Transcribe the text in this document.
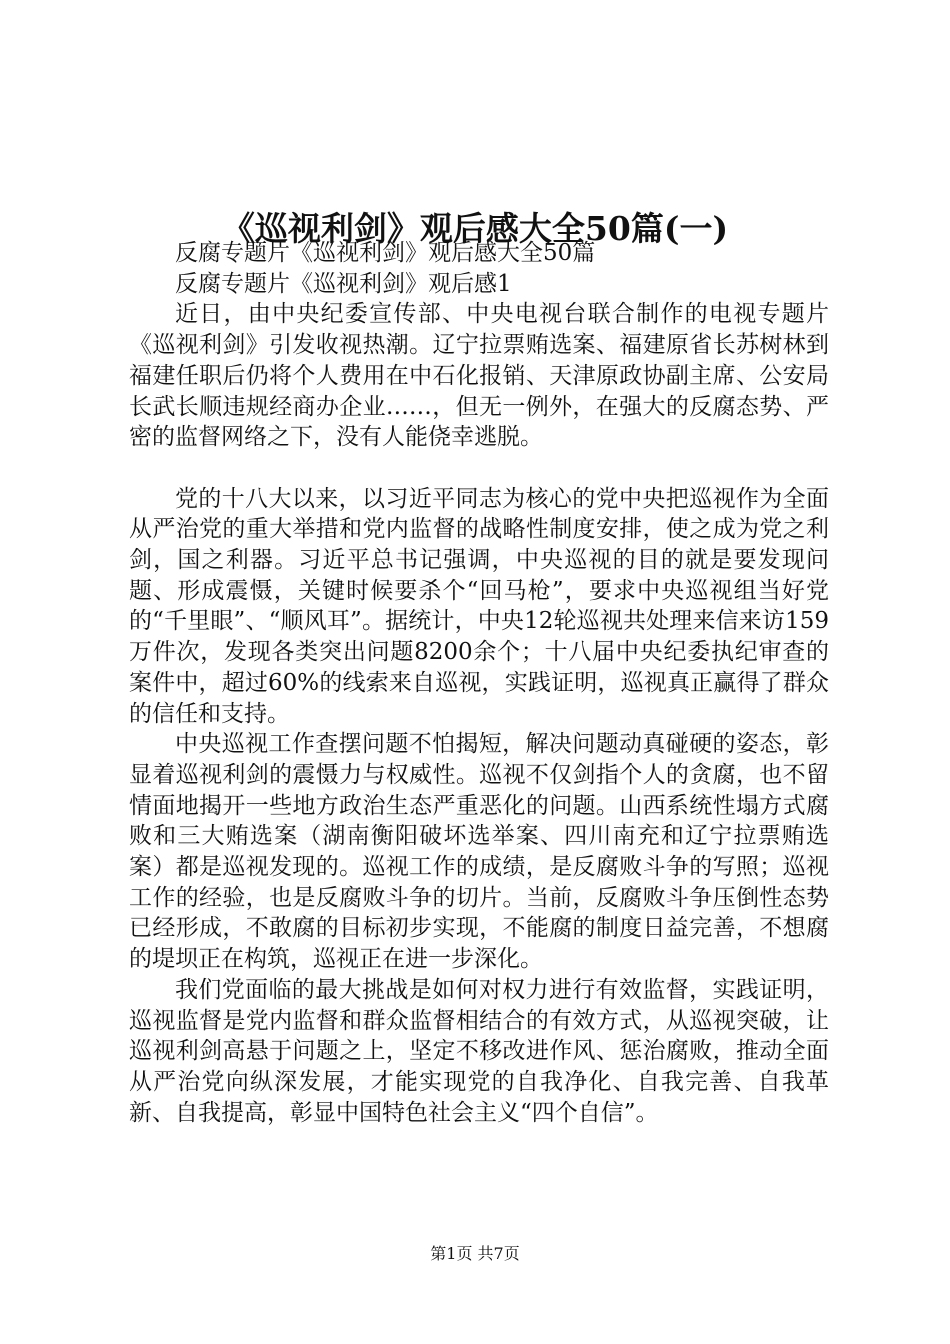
《巡视利剑》观后感大全50篇(一)

反腐专题片《巡视利剑》观后感大全50篇

反腐专题片《巡视利剑》观后感1

近日，由中央纪委宣传部、中央电视台联合制作的电视专题片《巡视利剑》引发收视热潮。辽宁拉票贿选案、福建原省长苏树林到福建任职后仍将个人费用在中石化报销、天津原政协副主席、公安局长武长顺违规经商办企业……，但无一例外，在强大的反腐态势、严密的监督网络之下，没有人能侥幸逃脱。

党的十八大以来，以习近平同志为核心的党中央把巡视作为全面从严治党的重大举措和党内监督的战略性制度安排，使之成为党之利剑，国之利器。习近平总书记强调，中央巡视的目的就是要发现问题、形成震慑，关键时候要杀个“回马枪”，要求中央巡视组当好党的“千里眼”、“顺风耳”。据统计，中央12轮巡视共处理来信来访159万件次，发现各类突出问题8200余个；十八届中央纪委执纪审查的案件中，超过60%的线索来自巡视，实践证明，巡视真正赢得了群众的信任和支持。

中央巡视工作查摆问题不怕揭短，解决问题动真碰硬的姿态，彰显着巡视利剑的震慑力与权威性。巡视不仅剑指个人的贪腐，也不留情面地揭开一些地方政治生态严重恶化的问题。山西系统性塌方式腐败和三大贿选案（湖南衡阳破坏选举案、四川南充和辽宁拉票贿选案）都是巡视发现的。巡视工作的成绩，是反腐败斗争的写照；巡视工作的经验，也是反腐败斗争的切片。当前，反腐败斗争压倒性态势已经形成，不敢腐的目标初步实现，不能腐的制度日益完善，不想腐的堤坝正在构筑，巡视正在进一步深化。

我们党面临的最大挑战是如何对权力进行有效监督，实践证明，巡视监督是党内监督和群众监督相结合的有效方式，从巡视突破，让巡视利剑高悬于问题之上，坚定不移改进作风、惩治腐败，推动全面从严治党向纵深发展，才能实现党的自我净化、自我完善、自我革新、自我提高，彰显中国特色社会主义“四个自信”。

第1页 共7页
